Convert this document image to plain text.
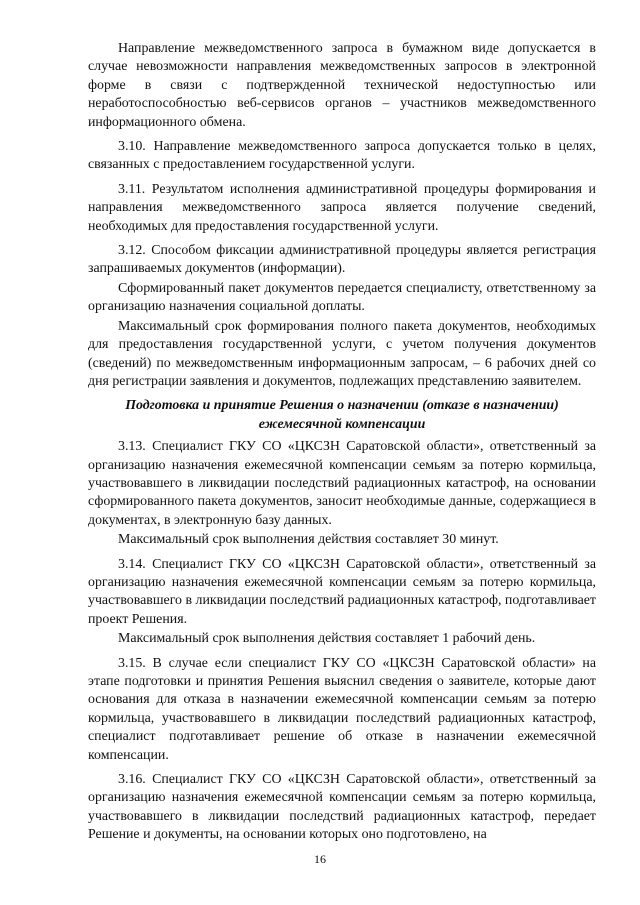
Направление межведомственного запроса в бумажном виде допускается в случае невозможности направления межведомственных запросов в электронной форме в связи с подтвержденной технической недоступностью или неработоспособностью веб-сервисов органов – участников межведомственного информационного обмена.

3.10. Направление межведомственного запроса допускается только в целях, связанных с предоставлением государственной услуги.

3.11. Результатом исполнения административной процедуры формирования и направления межведомственного запроса является получение сведений, необходимых для предоставления государственной услуги.

3.12. Способом фиксации административной процедуры является регистрация запрашиваемых документов (информации).

Сформированный пакет документов передается специалисту, ответственному за организацию назначения социальной доплаты.

Максимальный срок формирования полного пакета документов, необходимых для предоставления государственной услуги, с учетом получения документов (сведений) по межведомственным информационным запросам, – 6 рабочих дней со дня регистрации заявления и документов, подлежащих представлению заявителем.

Подготовка и принятие Решения о назначении (отказе в назначении) ежемесячной компенсации

3.13. Специалист ГКУ СО «ЦКСЗН Саратовской области», ответственный за организацию назначения ежемесячной компенсации семьям за потерю кормильца, участвовавшего в ликвидации последствий радиационных катастроф, на основании сформированного пакета документов, заносит необходимые данные, содержащиеся в документах, в электронную базу данных.

Максимальный срок выполнения действия составляет 30 минут.

3.14. Специалист ГКУ СО «ЦКСЗН Саратовской области», ответственный за организацию назначения ежемесячной компенсации семьям за потерю кормильца, участвовавшего в ликвидации последствий радиационных катастроф, подготавливает проект Решения.

Максимальный срок выполнения действия составляет 1 рабочий день.

3.15. В случае если специалист ГКУ СО «ЦКСЗН Саратовской области» на этапе подготовки и принятия Решения выяснил сведения о заявителе, которые дают основания для отказа в назначении ежемесячной компенсации семьям за потерю кормильца, участвовавшего в ликвидации последствий радиационных катастроф, специалист подготавливает решение об отказе в назначении ежемесячной компенсации.

3.16. Специалист ГКУ СО «ЦКСЗН Саратовской области», ответственный за организацию назначения ежемесячной компенсации семьям за потерю кормильца, участвовавшего в ликвидации последствий радиационных катастроф, передает Решение и документы, на основании которых оно подготовлено, на

16
